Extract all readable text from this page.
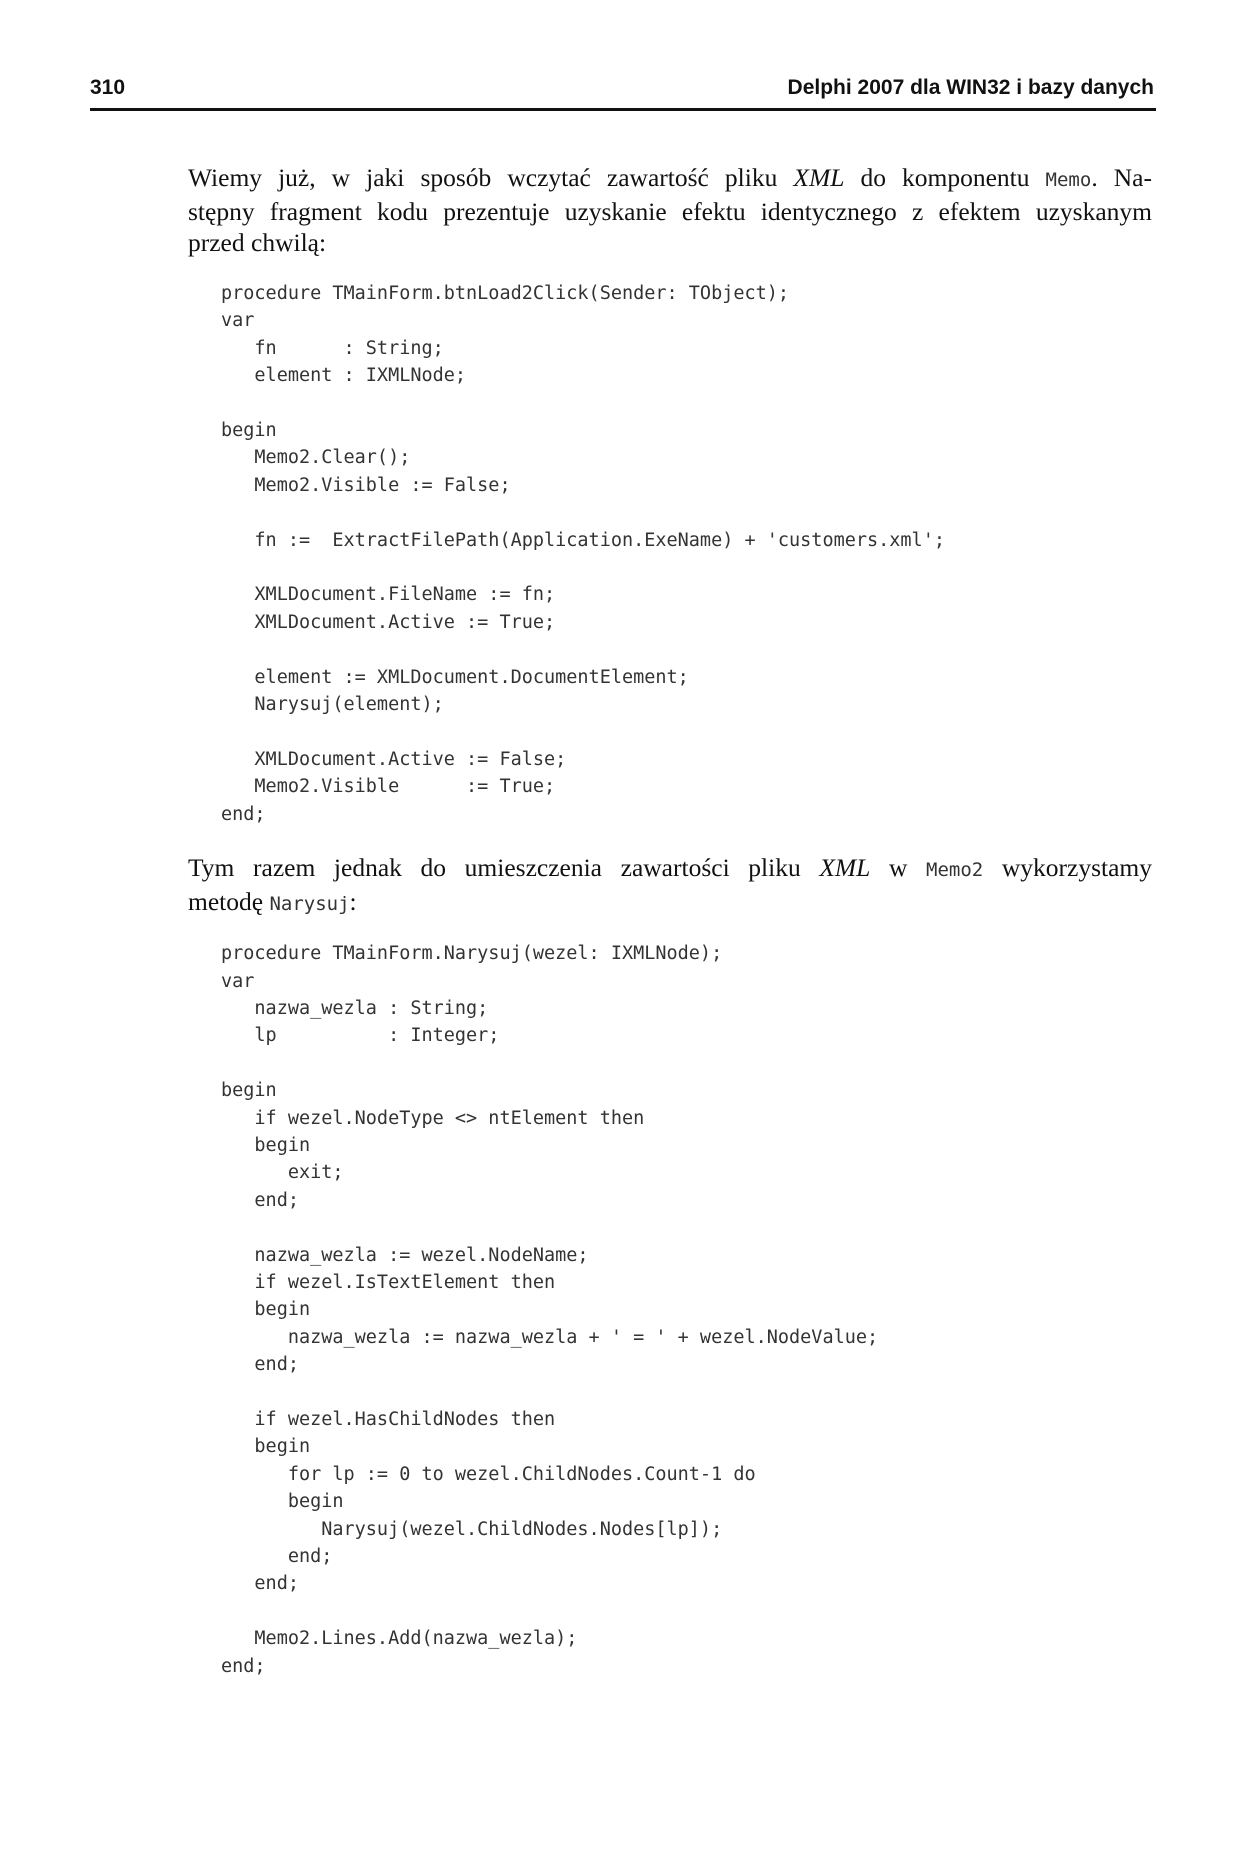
310	Delphi 2007 dla WIN32 i bazy danych

Wiemy już, w jaki sposób wczytać zawartość pliku XML do komponentu Memo. Na-
stępny fragment kodu prezentuje uzyskanie efektu identycznego z efektem uzyskanym
przed chwilą:

procedure TMainForm.btnLoad2Click(Sender: TObject);
var
fn      : String;
element : IXMLNode;

begin
Memo2.Clear();
Memo2.Visible := False;

fn :=  ExtractFilePath(Application.ExeName) + 'customers.xml';

XMLDocument.FileName := fn;
XMLDocument.Active := True;

element := XMLDocument.DocumentElement;
Narysuj(element);

XMLDocument.Active := False;
Memo2.Visible      := True;
end;

Tym razem jednak do umieszczenia zawartości pliku XML w Memo2 wykorzystamy
metodę Narysuj:

procedure TMainForm.Narysuj(wezel: IXMLNode);
var
nazwa_wezla : String;
lp          : Integer;

begin
if wezel.NodeType <> ntElement then
begin
exit;
end;

nazwa_wezla := wezel.NodeName;
if wezel.IsTextElement then
begin
nazwa_wezla := nazwa_wezla + ' = ' + wezel.NodeValue;
end;

if wezel.HasChildNodes then
begin
for lp := 0 to wezel.ChildNodes.Count-1 do
begin
Narysuj(wezel.ChildNodes.Nodes[lp]);
end;
end;

Memo2.Lines.Add(nazwa_wezla);
end;
